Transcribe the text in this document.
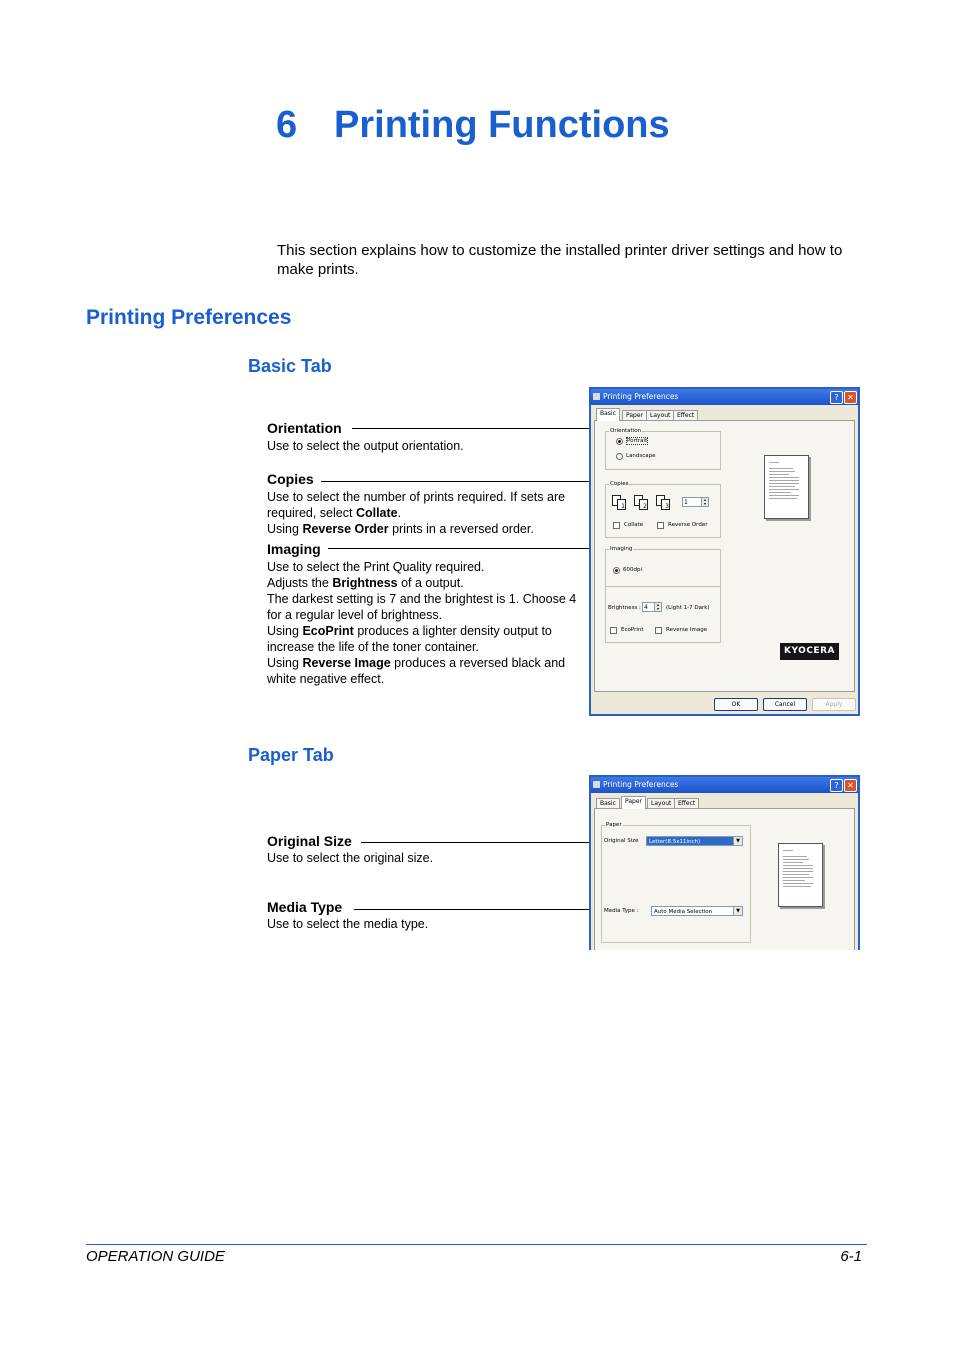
6 Printing Functions
This section explains how to customize the installed printer driver settings and how to make prints.
Printing Preferences
Basic Tab
Orientation
Use to select the output orientation.
Copies
Use to select the number of prints required. If sets are required, select Collate.
Using Reverse Order prints in a reversed order.
Imaging
Use to select the Print Quality required.
Adjusts the Brightness of a output.
The darkest setting is 7 and the brightest is 1. Choose 4 for a regular level of brightness.
Using EcoPrint produces a lighter density output to increase the life of the toner container.
Using Reverse Image produces a reversed black and white negative effect.
Printing Preferences	?	✕
Basic	Paper	Layout	Effect
Orientation
Portrait
Landscape
Copies
1	2	3
1	▴
▾
Collate	Reverse Order
Imaging
600dpi
Brightness : 4	▴
▾	(Light 1-7 Dark)
EcoPrint	Reverse Image
KYOCERA
OK	Cancel	Apply
Paper Tab
Original Size
Use to select the original size.
Media Type
Use to select the media type.
Printing Preferences	?	✕
Basic	Paper	Layout	Effect
Paper
Original Size	Letter(8.5x11inch)	▼
Media Type :	Auto Media Selection	▼
OPERATION GUIDE	6-1
